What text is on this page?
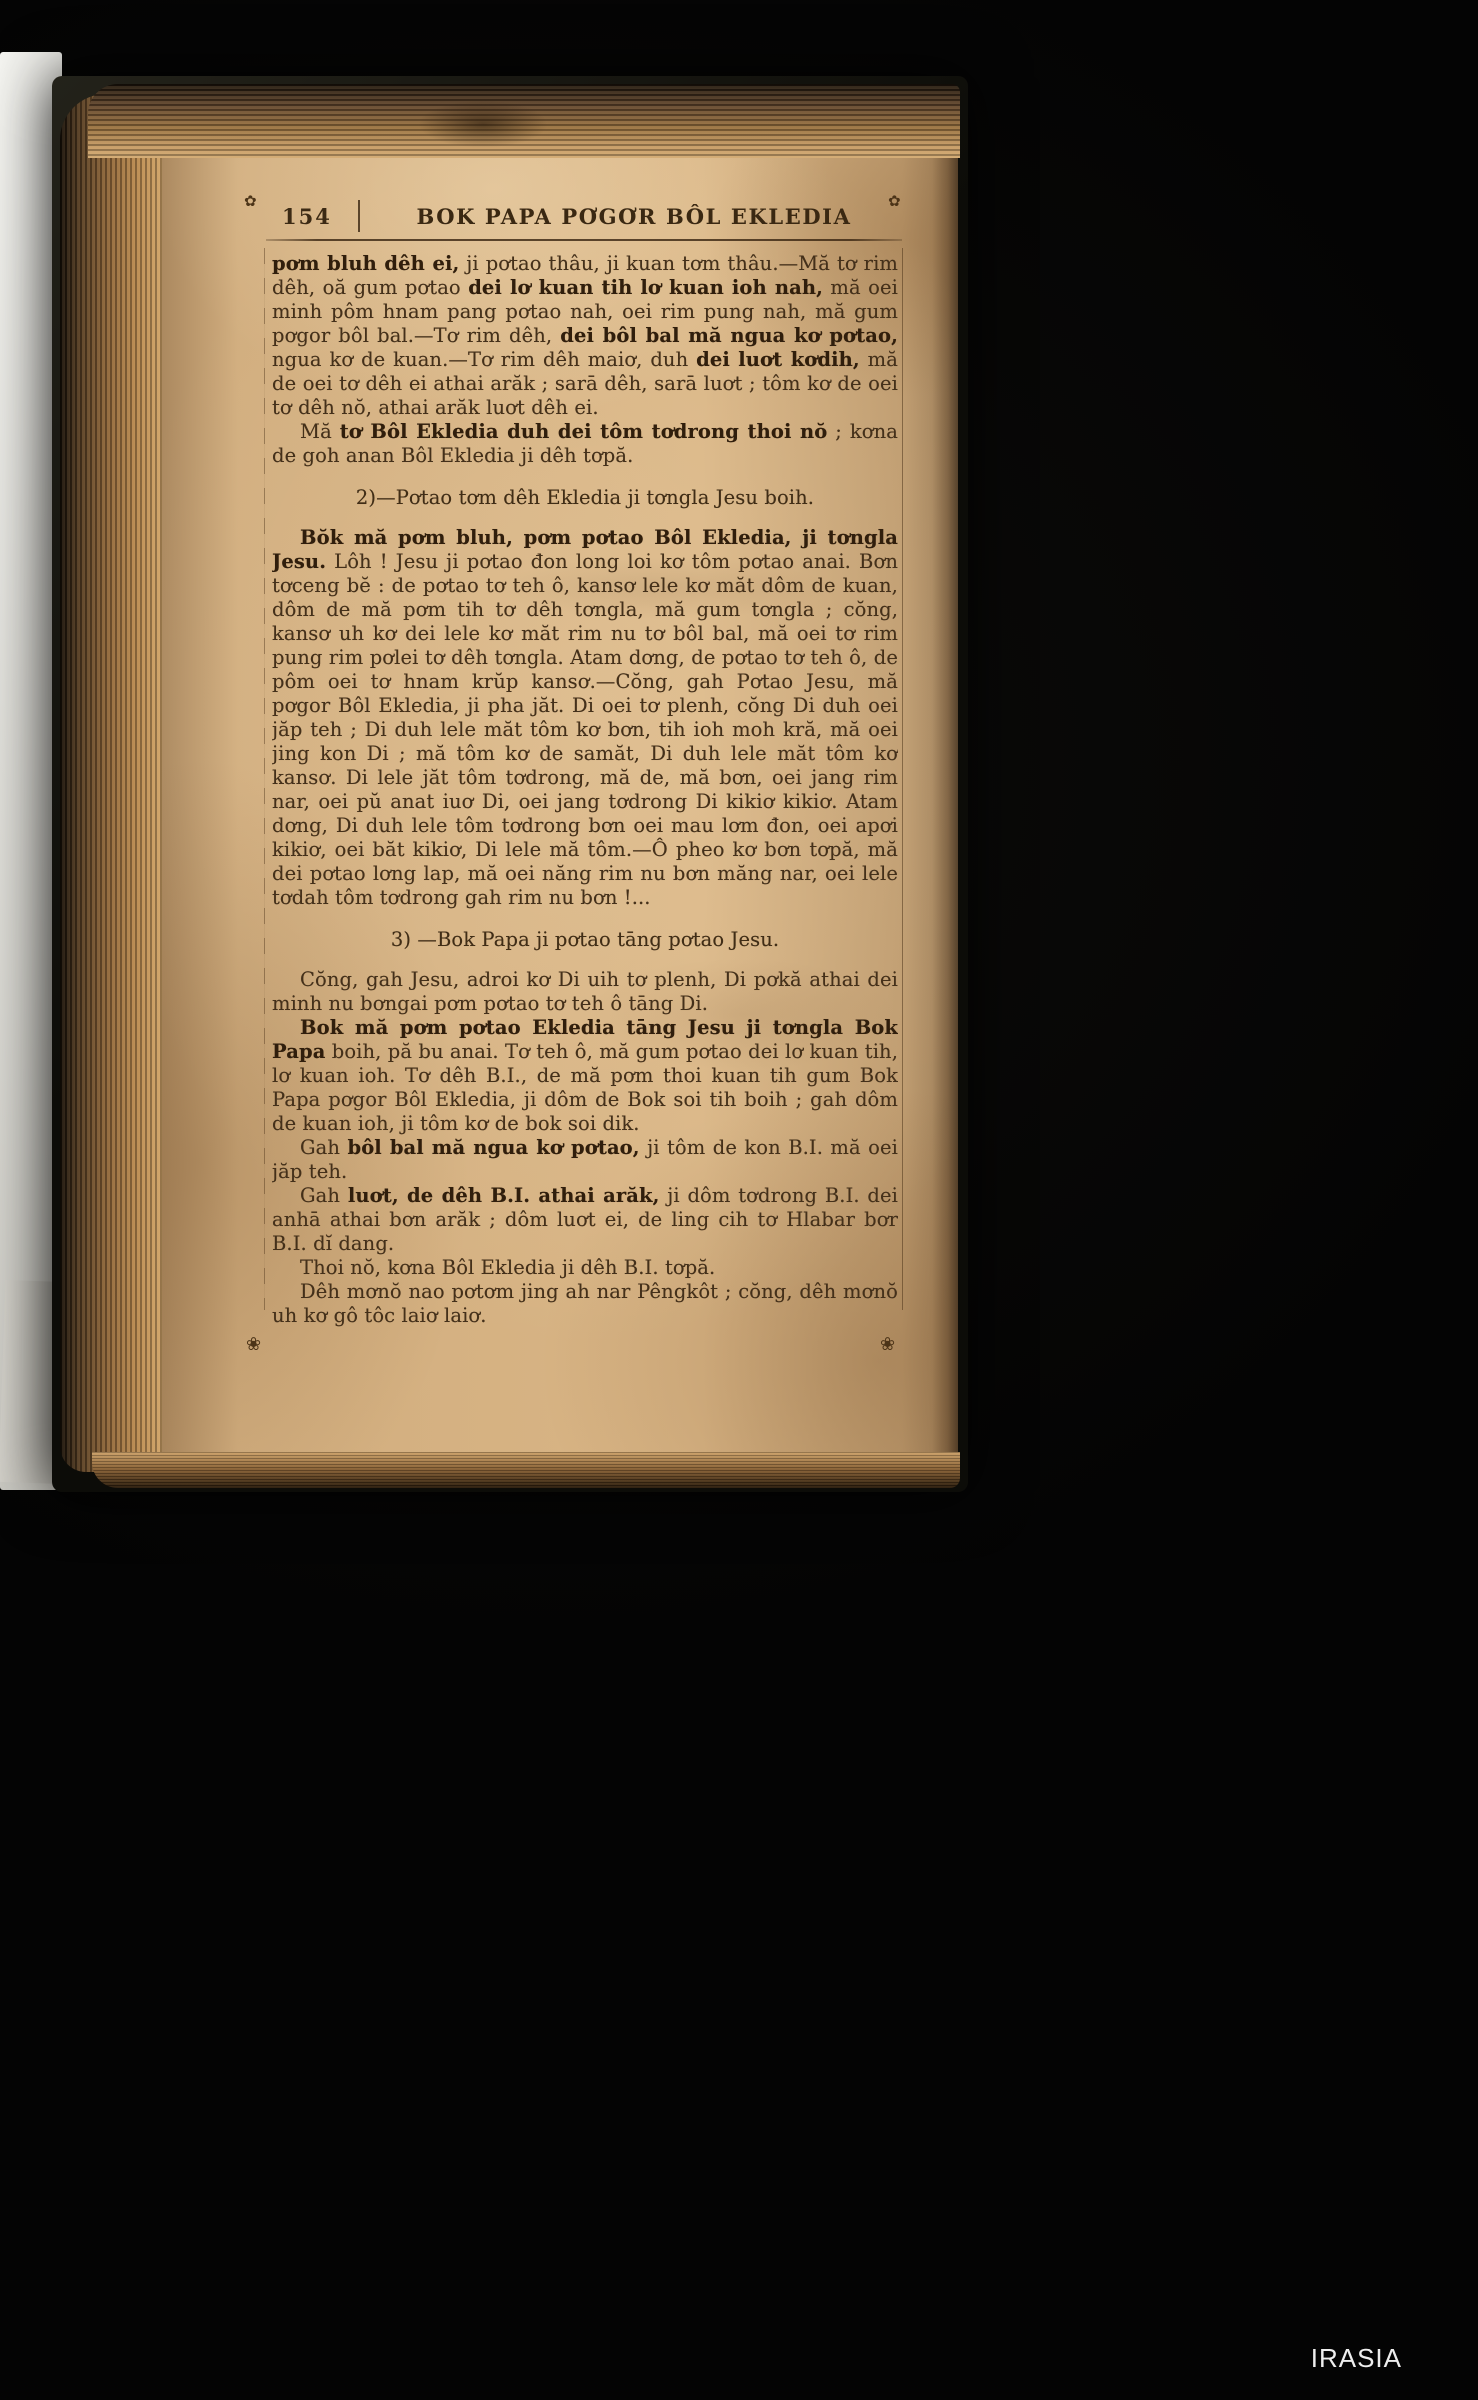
✿	✿
154	BOK PAPA PƠGƠR BÔL EKLEDIA
pơm bluh dêh ei, ji pơtao thâu, ji kuan tơm thâu.—Mă tơ rim dêh, oă gum pơtao dei lơ kuan tih lơ kuan ioh nah, mă oei minh pôm hnam pang pơtao nah, oei rim pung nah, mă gum pơgor bôl bal.—Tơ rim dêh, dei bôl bal mă ngua kơ pơtao, ngua kơ de kuan.—Tơ rim dêh maiơ, duh dei luơt kơdih, mă de oei tơ dêh ei athai arăk ; sarā dêh, sarā luơt ; tôm kơ de oei tơ dêh nŏ, athai arăk luơt dêh ei.
Mă tơ Bôl Ekledia duh dei tôm tơdrong thoi nŏ ; kơna de goh anan Bôl Ekledia ji dêh tơpă.
2)—Pơtao tơm dêh Ekledia ji tơngla Jesu boih.
Bŏk mă pơm bluh, pơm pơtao Bôl Ekledia, ji tơngla Jesu. Lôh ! Jesu ji pơtao đon long loi kơ tôm pơtao anai. Bơn tơceng bĕ : de pơtao tơ teh ô, kansơ lele kơ măt dôm de kuan, dôm de mă pơm tih tơ dêh tơngla, mă gum tơngla ; cŏng, kansơ uh kơ dei lele kơ măt rim nu tơ bôl bal, mă oei tơ rim pung rim pơlei tơ dêh tơngla. Atam dơng, de pơtao tơ teh ô, de pôm oei tơ hnam krŭp kansơ.—Cŏng, gah Pơtao Jesu, mă pơgor Bôl Ekledia, ji pha jăt. Di oei tơ plenh, cŏng Di duh oei jăp teh ; Di duh lele măt tôm kơ bơn, tih ioh moh kră, mă oei jing kon Di ; mă tôm kơ de samăt, Di duh lele măt tôm kơ kansơ. Di lele jăt tôm tơdrong, mă de, mă bơn, oei jang rim nar, oei pŭ anat iuơ Di, oei jang tơdrong Di kikiơ kikiơ. Atam dơng, Di duh lele tôm tơdrong bơn oei mau lơm đon, oei apơi kikiơ, oei băt kikiơ, Di lele mă tôm.—Ô pheo kơ bơn tơpă, mă dei pơtao lơng lap, mă oei năng rim nu bơn măng nar, oei lele tơdah tôm tơdrong gah rim nu bơn !...
3) —Bok Papa ji pơtao tāng pơtao Jesu.
Cŏng, gah Jesu, adroi kơ Di uih tơ plenh, Di pơkă athai dei minh nu bơngai pơm pơtao tơ teh ô tāng Di.
Bok mă pơm pơtao Ekledia tāng Jesu ji tơngla Bok Papa boih, pă bu anai. Tơ teh ô, mă gum pơtao dei lơ kuan tih, lơ kuan ioh. Tơ dêh B.I., de mă pơm thoi kuan tih gum Bok Papa pơgor Bôl Ekledia, ji dôm de Bok soi tih boih ; gah dôm de kuan ioh, ji tôm kơ de bok soi dik.
Gah bôl bal mă ngua kơ pơtao, ji tôm de kon B.I. mă oei jăp teh.
Gah luơt, de dêh B.I. athai arăk, ji dôm tơdrong B.I. dei anhā athai bơn arăk ; dôm luơt ei, de ling cih tơ Hlabar bơr B.I. dĭ dang.
Thoi nŏ, kơna Bôl Ekledia ji dêh B.I. tơpă.
Dêh mơnŏ nao pơtơm jing ah nar Pêngkôt ; cŏng, dêh mơnŏ uh kơ gô tôc laiơ laiơ.
❀	❀
IRASIA
